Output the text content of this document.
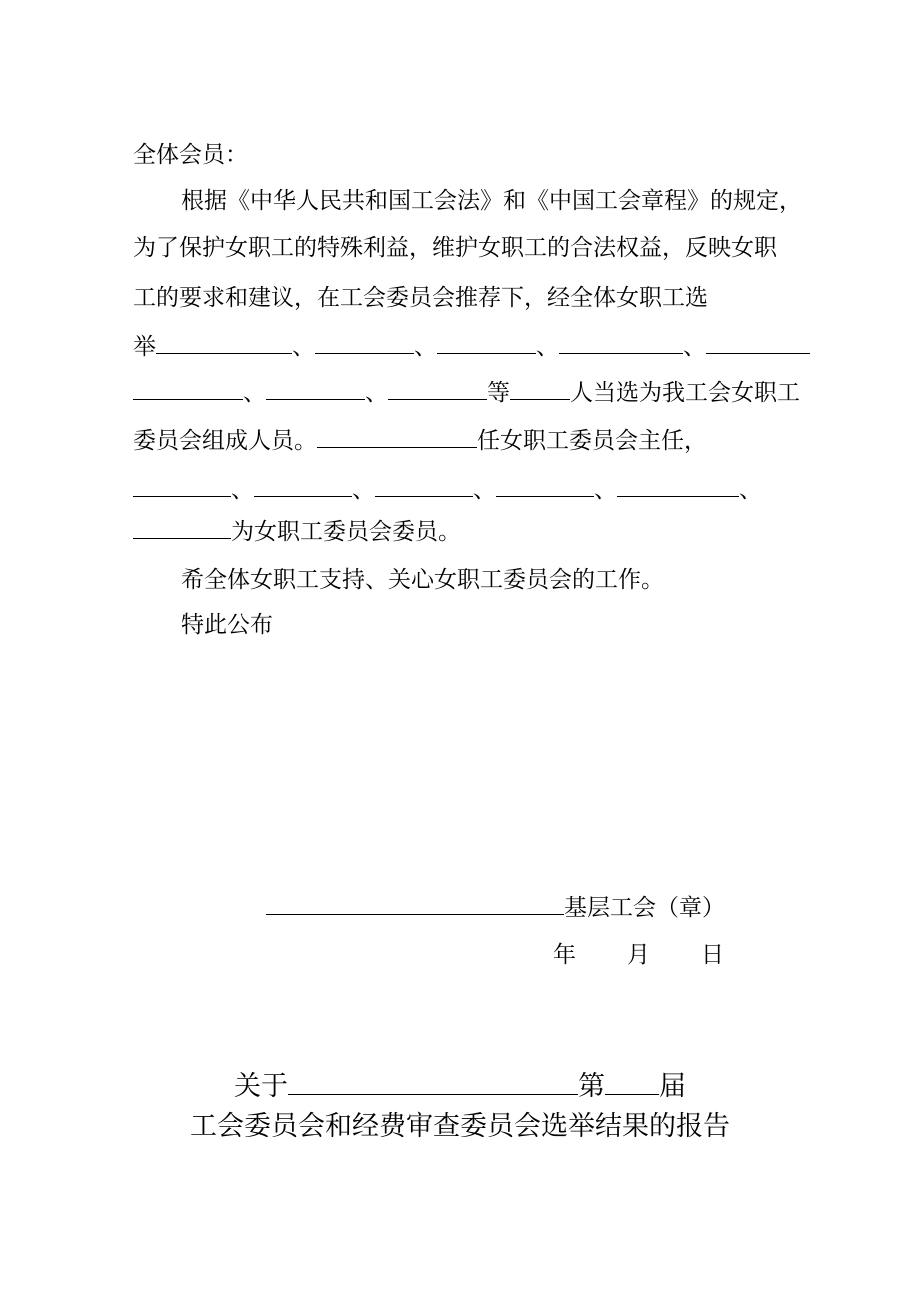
全体会员：
根据《中华人民共和国工会法》和《中国工会章程》的规定，
为了保护女职工的特殊利益，维护女职工的合法权益，反映女职
工的要求和建议，在工会委员会推荐下，经全体女职工选
举	、	、	、	、
、	、	等	人当选为我工会女职工
委员会组成人员。	任女职工委员会主任，
、	、	、	、	、
为女职工委员会委员。
希全体女职工支持、关心女职工委员会的工作。
特此公布
基层工会（章）
年 月 日
关于	第 届
工会委员会和经费审查委员会选举结果的报告
